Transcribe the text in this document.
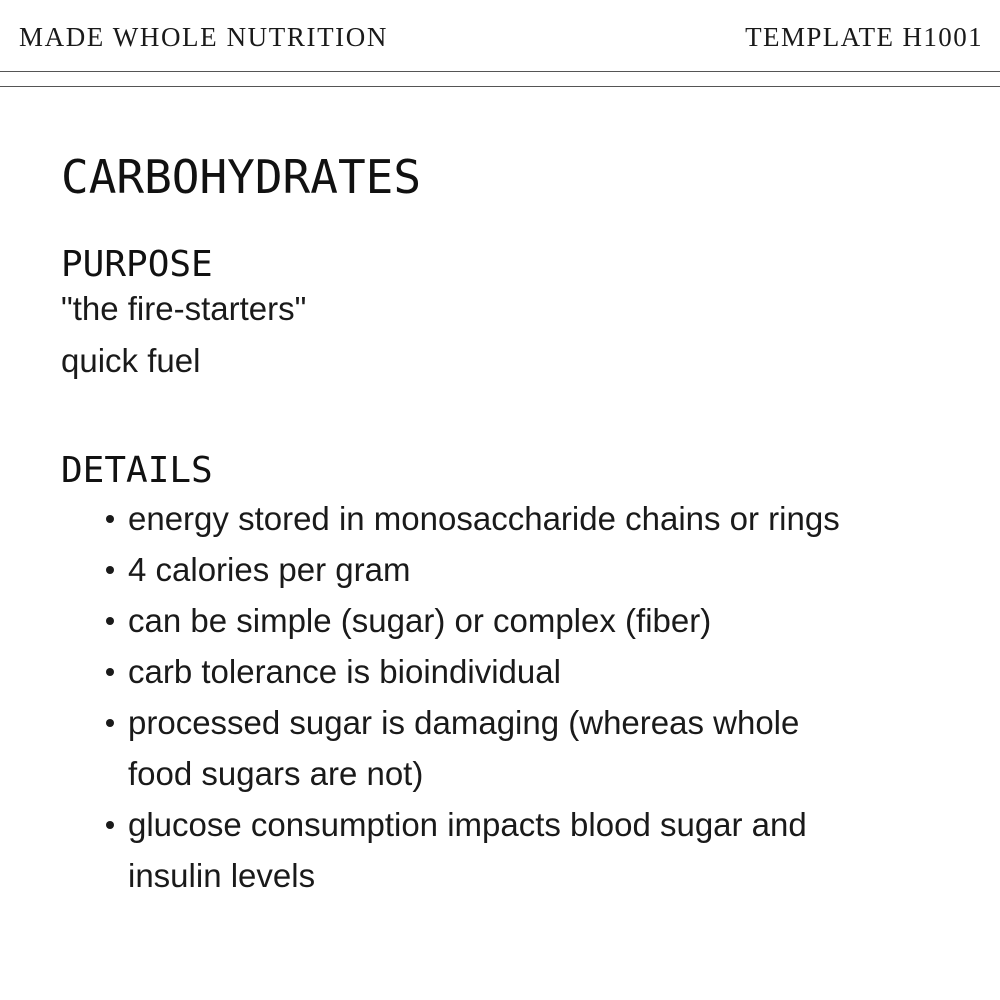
MADE WHOLE NUTRITION	TEMPLATE H1001
CARBOHYDRATES
PURPOSE

"the fire-starters"

quick fuel

DETAILS
energy stored in monosaccharide chains or rings
4 calories per gram
can be simple (sugar) or complex (fiber)
carb tolerance is bioindividual
processed sugar is damaging (whereas whole food sugars are not)
glucose consumption impacts blood sugar and insulin levels
